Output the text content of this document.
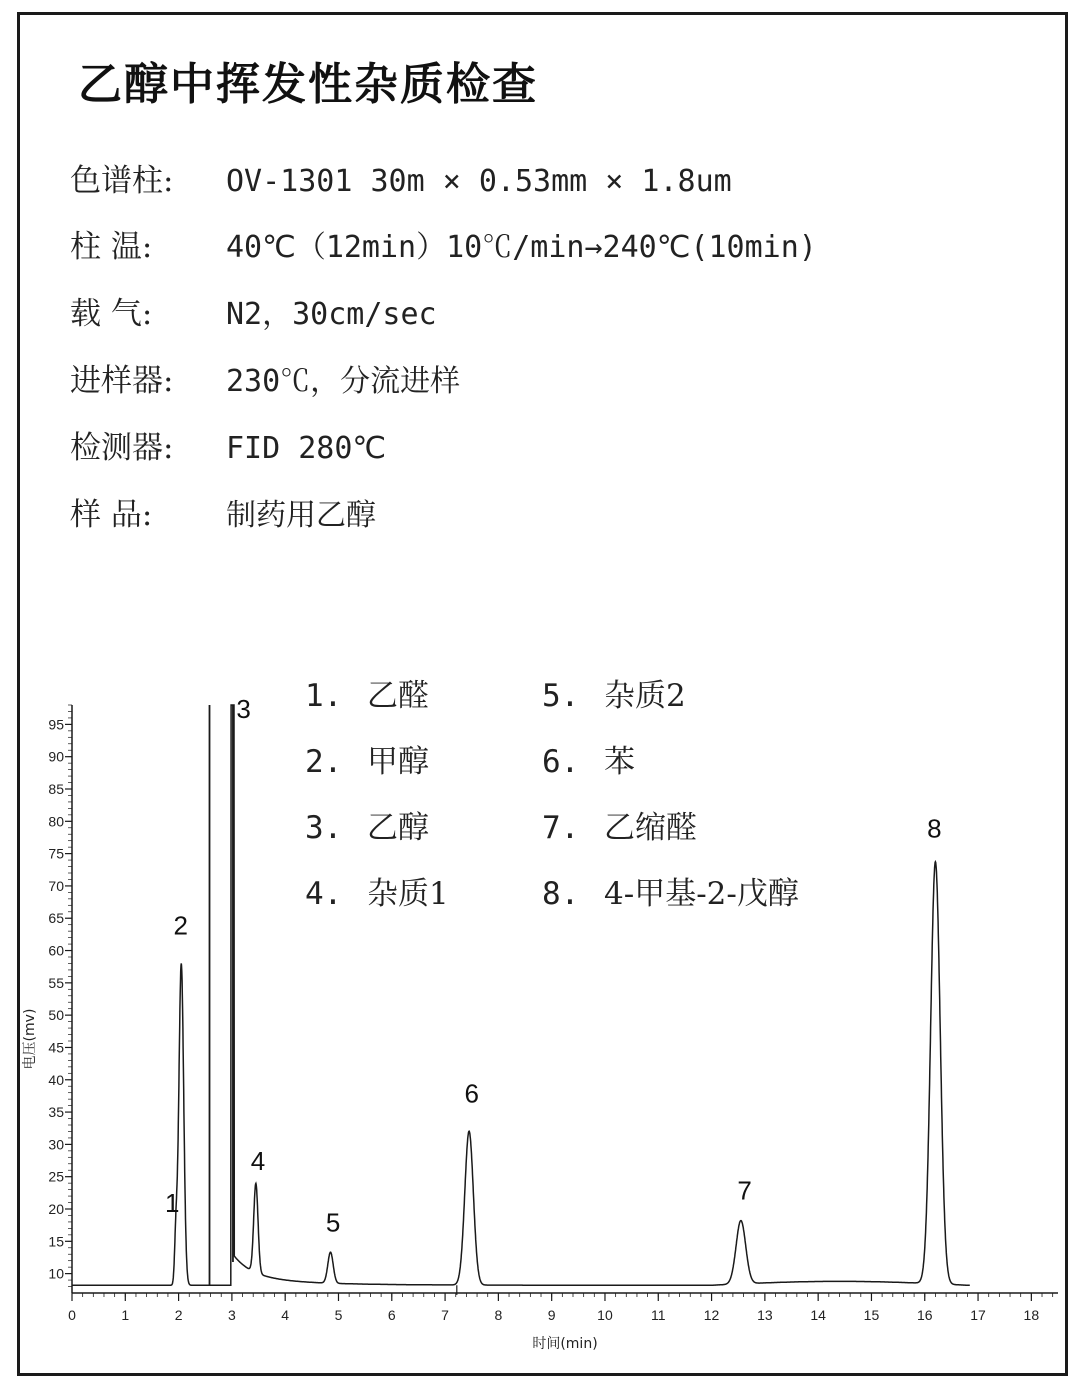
乙醇中挥发性杂质检查
色谱柱: OV-1301 30m × 0.53mm × 1.8um
柱 温: 40℃（12min）10℃/min→240℃(10min)
载 气: N2，30cm/sec
进样器: 230℃，分流进样
检测器: FID 280℃
样 品: 制药用乙醇
1. 乙醛
2. 甲醇
3. 乙醇
4. 杂质1
5. 杂质2
6. 苯
7. 乙缩醛
8. 4-甲基-2-戊醇
0	1	2	3	4	5	6	7	8	9	10	11	12	13	14	15	16	17	18
10
15
20
25
30
35
40
45
50
55
60
65
70
75
80
85
90
95
时间(min)
电压(mv)
1
2
3
4
5
6
7
8
